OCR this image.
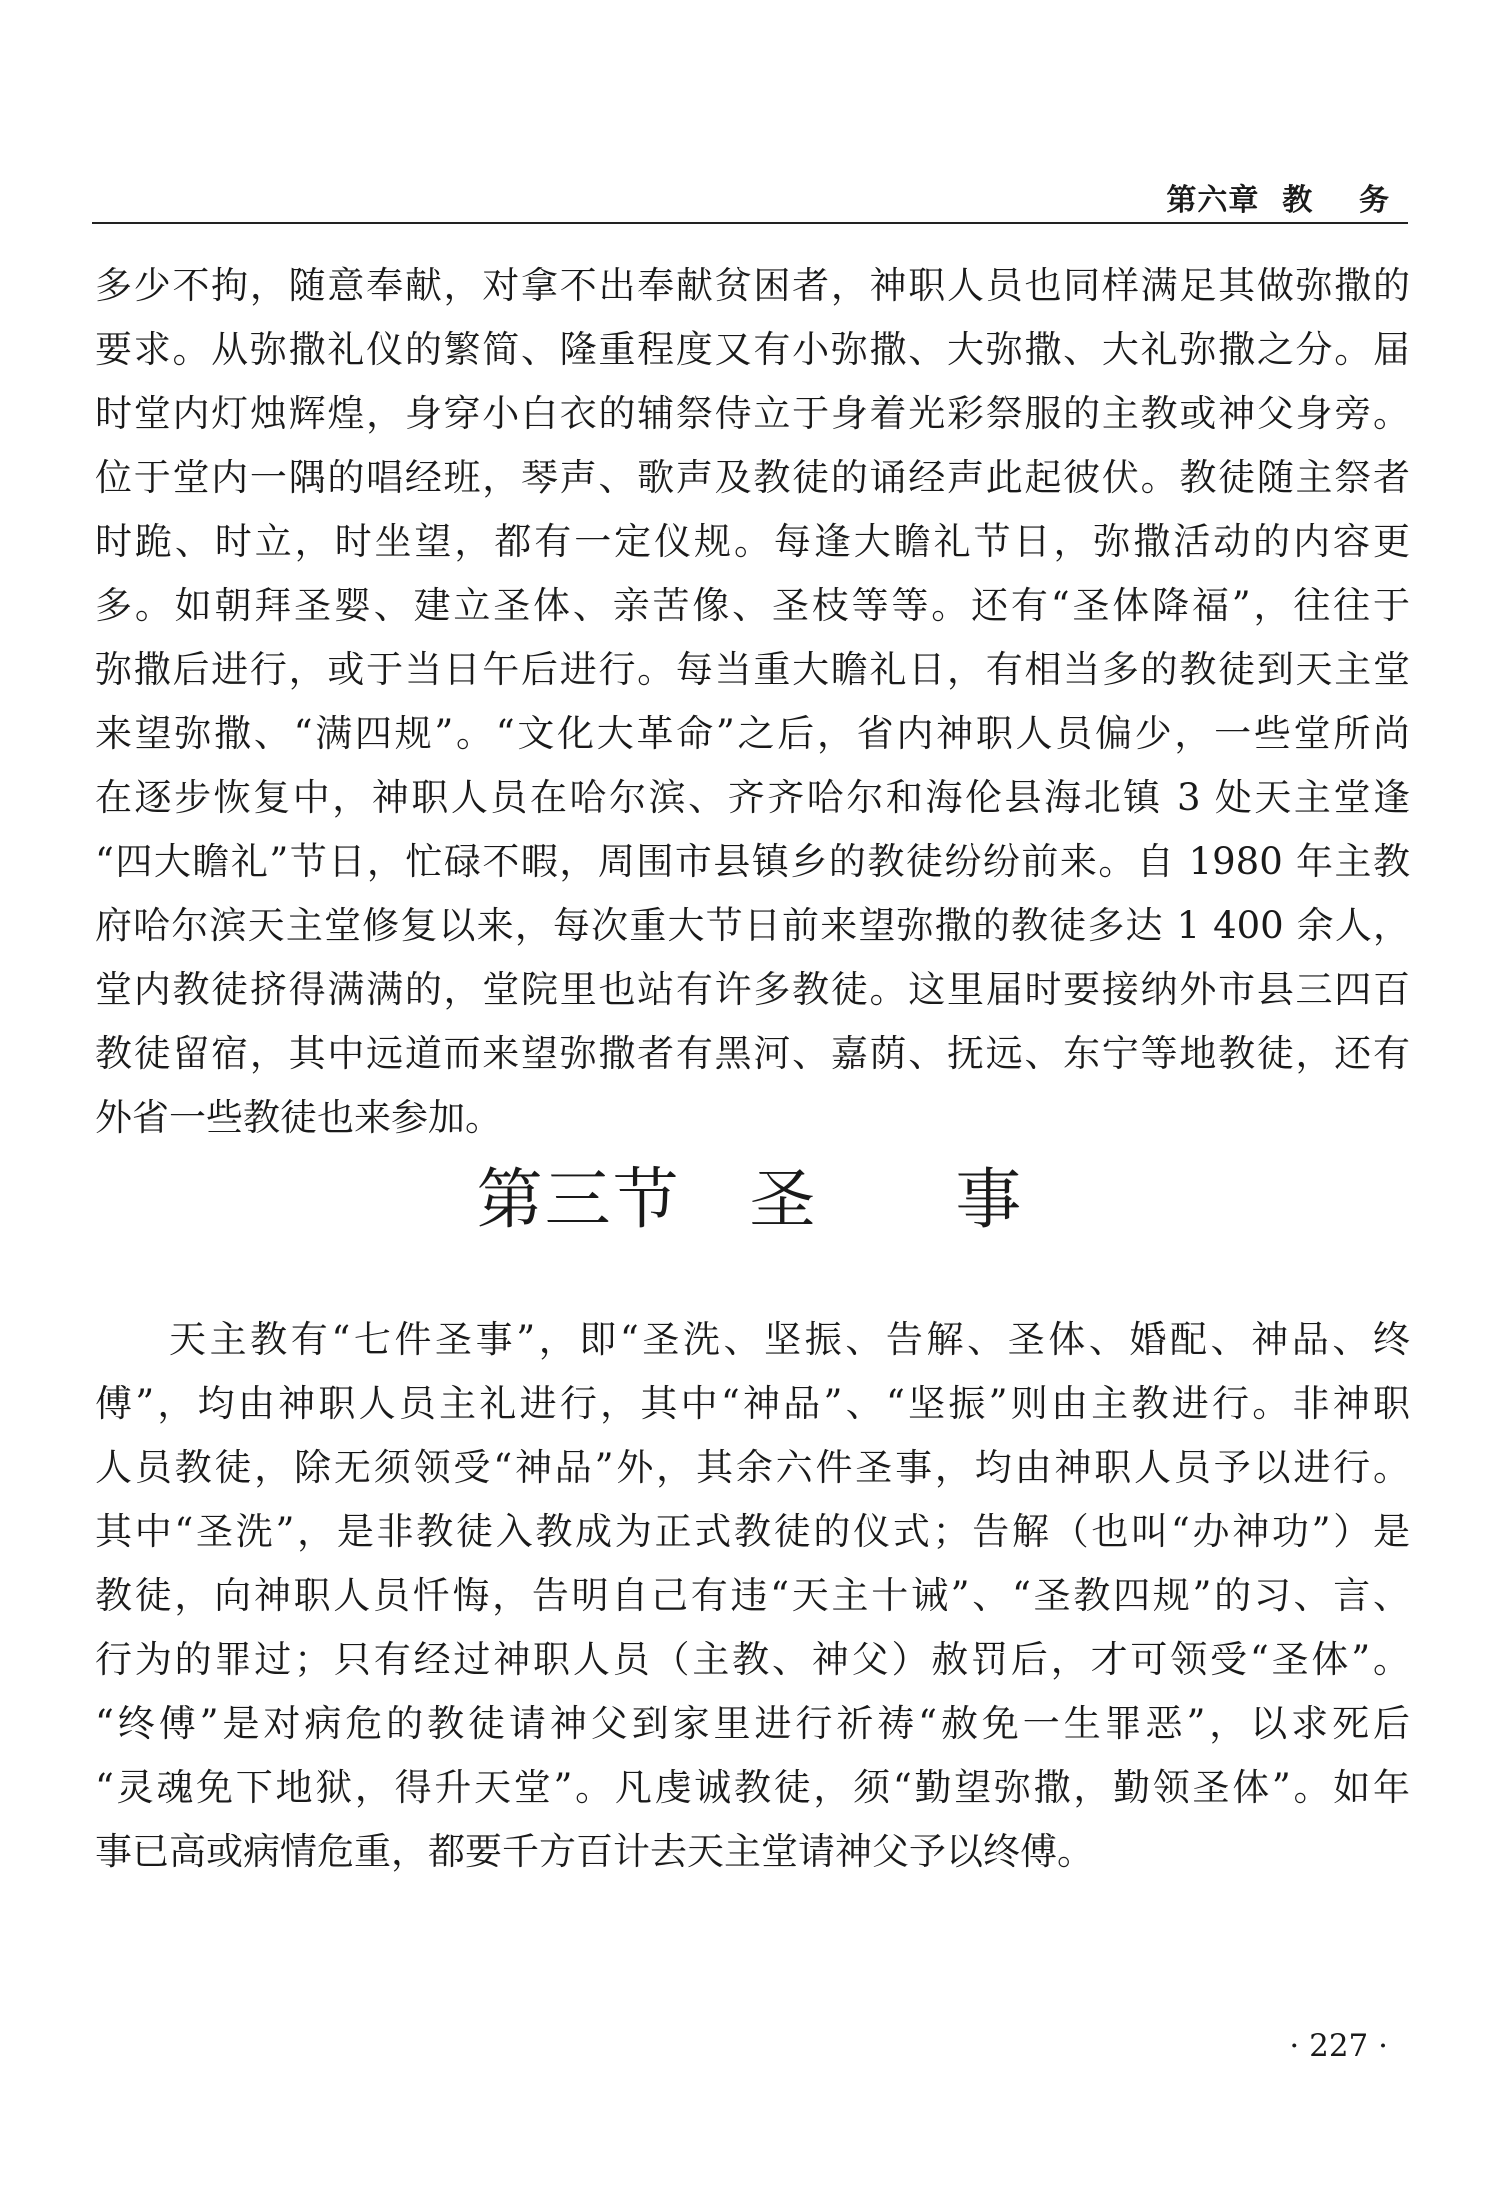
第六章  教    务
多少不拘，随意奉献，对拿不出奉献贫困者，神职人员也同样满足其做弥撒的
要求。从弥撒礼仪的繁简、隆重程度又有小弥撒、大弥撒、大礼弥撒之分。届
时堂内灯烛辉煌，身穿小白衣的辅祭侍立于身着光彩祭服的主教或神父身旁。
位于堂内一隅的唱经班，琴声、歌声及教徒的诵经声此起彼伏。教徒随主祭者
时跪、时立，时坐望，都有一定仪规。每逢大瞻礼节日，弥撒活动的内容更
多。如朝拜圣婴、建立圣体、亲苦像、圣枝等等。还有“圣体降福”，往往于
弥撒后进行，或于当日午后进行。每当重大瞻礼日，有相当多的教徒到天主堂
来望弥撒、“满四规”。“文化大革命”之后，省内神职人员偏少，一些堂所尚
在逐步恢复中，神职人员在哈尔滨、齐齐哈尔和海伦县海北镇 3 处天主堂逢
“四大瞻礼”节日，忙碌不暇，周围市县镇乡的教徒纷纷前来。自 1980 年主教
府哈尔滨天主堂修复以来，每次重大节日前来望弥撒的教徒多达 1 400 余人，
堂内教徒挤得满满的，堂院里也站有许多教徒。这里届时要接纳外市县三四百
教徒留宿，其中远道而来望弥撒者有黑河、嘉荫、抚远、东宁等地教徒，还有
外省一些教徒也来参加。
第三节   圣      事
天主教有“七件圣事”，即“圣洗、坚振、告解、圣体、婚配、神品、终
傅”，均由神职人员主礼进行，其中“神品”、“坚振”则由主教进行。非神职
人员教徒，除无须领受“神品”外，其余六件圣事，均由神职人员予以进行。
其中“圣洗”，是非教徒入教成为正式教徒的仪式；告解（也叫“办神功”）是
教徒，向神职人员忏悔，告明自己有违“天主十诫”、“圣教四规”的习、言、
行为的罪过；只有经过神职人员（主教、神父）赦罚后，才可领受“圣体”。
“终傅”是对病危的教徒请神父到家里进行祈祷“赦免一生罪恶”，以求死后
“灵魂免下地狱，得升天堂”。凡虔诚教徒，须“勤望弥撒，勤领圣体”。如年
事已高或病情危重，都要千方百计去天主堂请神父予以终傅。
· 227 ·
